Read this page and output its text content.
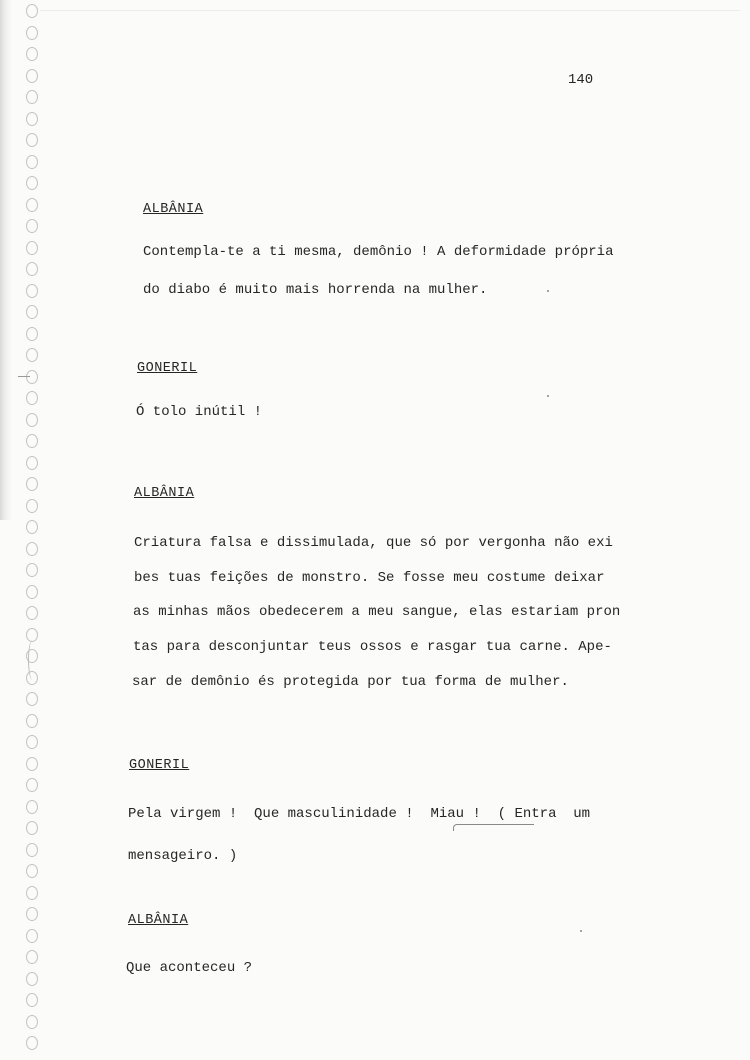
140
ALBÂNIA
Contempla-te a ti mesma, demônio ! A deformidade própria
do diabo é muito mais horrenda na mulher.
GONERIL
Ó tolo inútil !
ALBÂNIA
Criatura falsa e dissimulada, que só por vergonha não exi
bes tuas feições de monstro. Se fosse meu costume deixar
as minhas mãos obedecerem a meu sangue, elas estariam pron
tas para desconjuntar teus ossos e rasgar tua carne. Ape-
sar de demônio és protegida por tua forma de mulher.
GONERIL
Pela virgem !  Que masculinidade !  Miau !  ( Entra  um
mensageiro. )
ALBÂNIA
Que aconteceu ?
